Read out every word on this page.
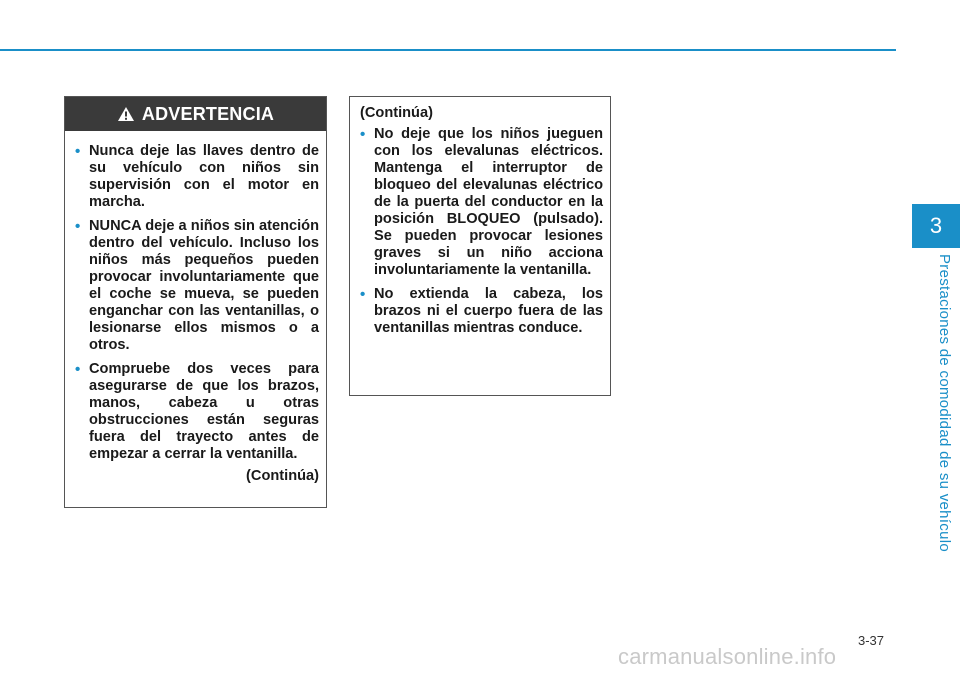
3
Prestaciones de comodidad de su vehículo
ADVERTENCIA
• Nunca deje las llaves dentro de su vehículo con niños sin supervisión con el motor en marcha.
• NUNCA deje a niños sin atención dentro del vehículo. Incluso los niños más pequeños pueden provocar involuntariamente que el coche se mueva, se pueden enganchar con las ventanillas, o lesionarse ellos mismos o a otros.
• Compruebe dos veces para asegurarse de que los brazos, manos, cabeza u otras obstrucciones están seguras fuera del trayecto antes de empezar a cerrar la ventanilla.
(Continúa)
(Continúa)
• No deje que los niños jueguen con los elevalunas eléctricos. Mantenga el interruptor de bloqueo del elevalunas eléctrico de la puerta del conductor en la posición BLOQUEO (pulsado). Se pueden provocar lesiones graves si un niño acciona involuntariamente la ventanilla.
• No extienda la cabeza, los brazos ni el cuerpo fuera de las ventanillas mientras conduce.
3-37
carmanualsonline.info
